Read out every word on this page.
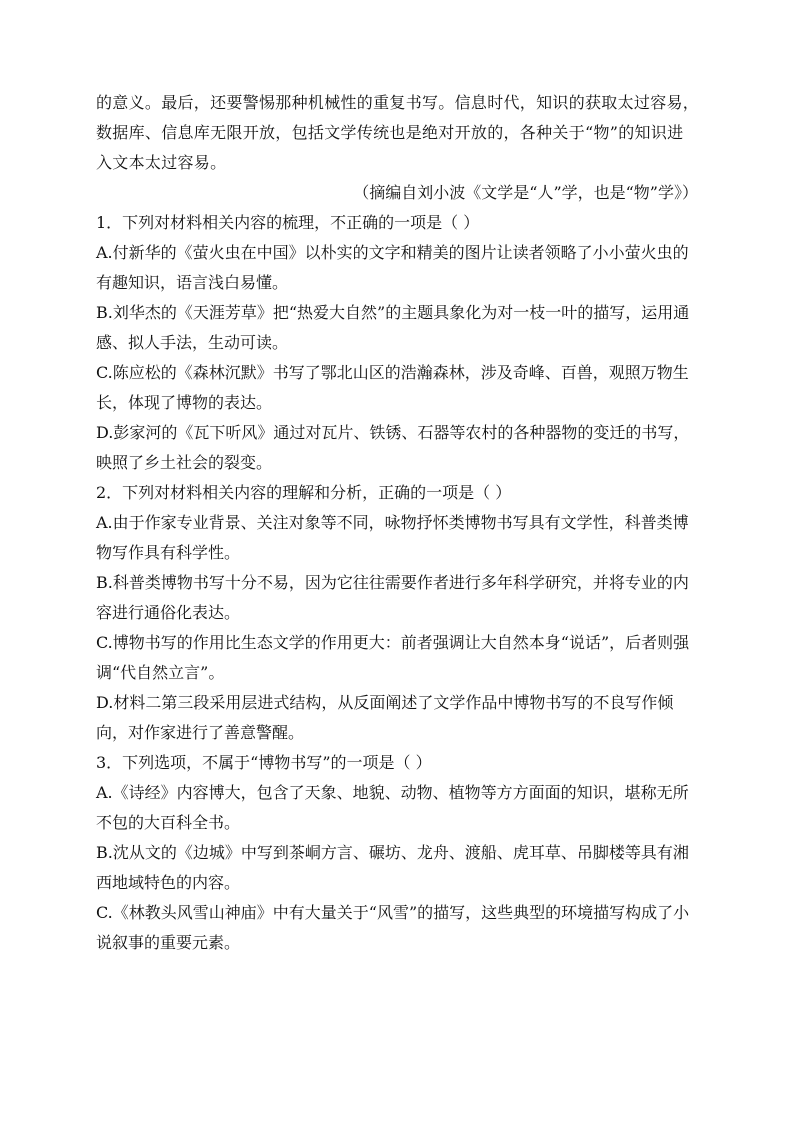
的意义。最后，还要警惕那种机械性的重复书写。信息时代，知识的获取太过容易，
数据库、信息库无限开放，包括文学传统也是绝对开放的，各种关于“物”的知识进
入文本太过容易。

（摘编自刘小波《文学是“人”学，也是“物”学》）

1．下列对材料相关内容的梳理，不正确的一项是（ ）

A.付新华的《萤火虫在中国》以朴实的文字和精美的图片让读者领略了小小萤火虫的
有趣知识，语言浅白易懂。

B.刘华杰的《天涯芳草》把“热爱大自然”的主题具象化为对一枝一叶的描写，运用通
感、拟人手法，生动可读。

C.陈应松的《森林沉默》书写了鄂北山区的浩瀚森林，涉及奇峰、百兽，观照万物生
长，体现了博物的表达。

D.彭家河的《瓦下听风》通过对瓦片、铁锈、石器等农村的各种器物的变迁的书写，
映照了乡土社会的裂变。

2．下列对材料相关内容的理解和分析，正确的一项是（ ）

A.由于作家专业背景、关注对象等不同，咏物抒怀类博物书写具有文学性，科普类博
物写作具有科学性。

B.科普类博物书写十分不易，因为它往往需要作者进行多年科学研究，并将专业的内
容进行通俗化表达。

C.博物书写的作用比生态文学的作用更大：前者强调让大自然本身“说话”，后者则强
调“代自然立言”。

D.材料二第三段采用层进式结构，从反面阐述了文学作品中博物书写的不良写作倾
向，对作家进行了善意警醒。

3．下列选项，不属于“博物书写”的一项是（ ）

A.《诗经》内容博大，包含了天象、地貌、动物、植物等方方面面的知识，堪称无所
不包的大百科全书。

B.沈从文的《边城》中写到茶峒方言、碾坊、龙舟、渡船、虎耳草、吊脚楼等具有湘
西地域特色的内容。

C.《林教头风雪山神庙》中有大量关于“风雪”的描写，这些典型的环境描写构成了小
说叙事的重要元素。
